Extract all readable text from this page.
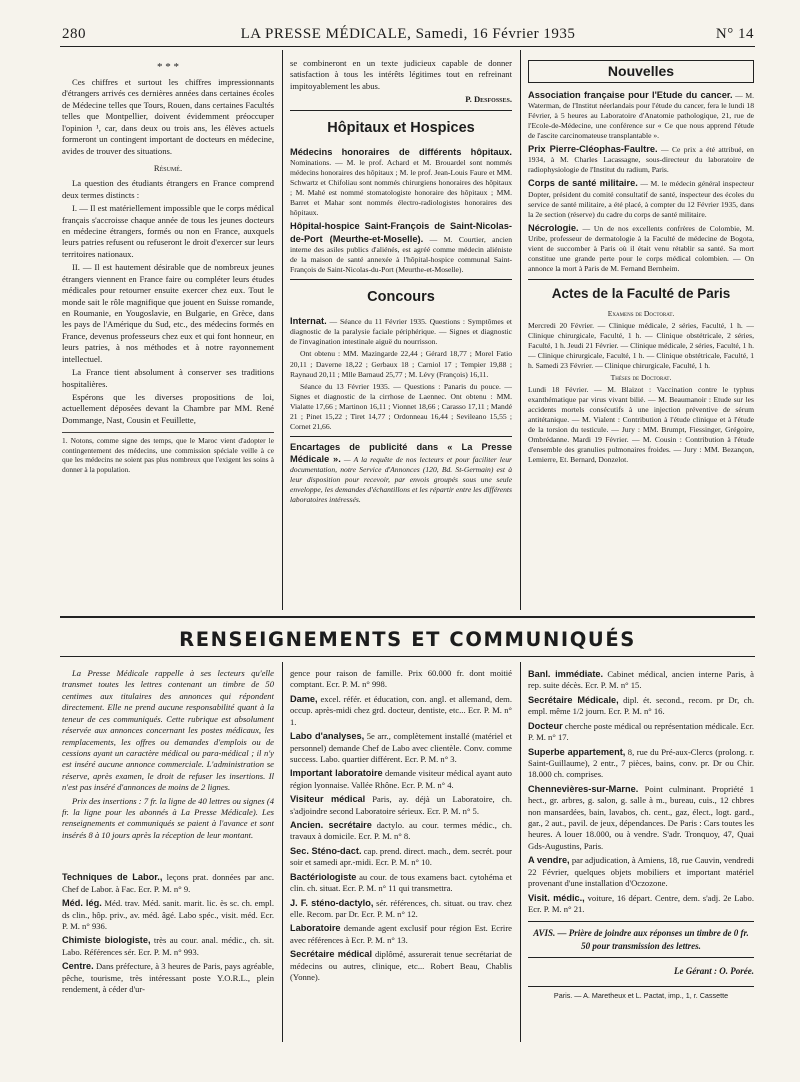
280	LA PRESSE MÉDICALE, Samedi, 16 Février 1935	N° 14
* * *

Ces chiffres et surtout les chiffres impressionnants d'étrangers arrivés ces dernières années dans certaines écoles de Médecine telles que Tours, Rouen, dans certaines Facultés telles que Montpellier, doivent évidemment préoccuper l'opinion ¹, car, dans deux ou trois ans, les élèves actuels formeront un contingent important de docteurs en médecine, avides de trouver des situations.

Résumé.

La question des étudiants étrangers en France comprend deux termes distincts :

I. — Il est matériellement impossible que le corps médical français s'accroisse chaque année de tous les jeunes docteurs en médecine étrangers, formés ou non en France, auxquels leurs patries refusent ou refuseront le droit d'exercer sur leurs territoires nationaux.

II. — Il est hautement désirable que de nombreux jeunes étrangers viennent en France faire ou compléter leurs études médicales pour retourner ensuite exercer chez eux. Tout le monde sait le rôle magnifique que jouent en Suisse romande, en Roumanie, en Yougoslavie, en Bulgarie, en Grèce, dans les pays de l'Amérique du Sud, etc., des médecins formés en France, devenus professeurs chez eux et qui font honneur, en leurs patries, à nos méthodes et à notre rayonnement intellectuel.

La France tient absolument à conserver ses traditions hospitalières.

Espérons que les diverses propositions de loi, actuellement déposées devant la Chambre par MM. René Dommange, Nast, Cousin et Feuillette,

1. Notons, comme signe des temps, que le Maroc vient d'adopter le contingentement des médecins, une commission spéciale veille à ce que les médecins ne soient pas plus nombreux que l'exigent les soins à donner à la population.

se combineront en un texte judicieux capable de donner satisfaction à tous les intérêts légitimes tout en refreinant impitoyablement les abus.

P. Desfosses.
Hôpitaux et Hospices

Médecins honoraires de différents hôpitaux. Nominations. — M. le prof. Achard et M. Brouardel sont nommés médecins honoraires des hôpitaux ; M. le prof. Jean-Louis Faure et MM. Schwartz et Chifoliau sont nommés chirurgiens honoraires des hôpitaux ; M. Mahé est nommé stomatologiste honoraire des hôpitaux ; MM. Barret et Mahar sont nommés électro-radiologistes honoraires des hôpitaux.

Hôpital-hospice Saint-François de Saint-Nicolas-de-Port (Meurthe-et-Moselle). — M. Courtier, ancien interne des asiles publics d'aliénés, est agréé comme médecin aliéniste de la maison de santé annexée à l'hôpital-hospice communal Saint-François de Saint-Nicolas-du-Port (Meurthe-et-Moselle).

Concours

Internat. — Séance du 11 Février 1935. Questions : Symptômes et diagnostic de la paralysie faciale périphérique. — Signes et diagnostic de l'invagination intestinale aiguë du nourrisson.

Ont obtenu : MM. Mazingarde 22,44 ; Gérard 18,77 ; Morel Fatio 20,11 ; Daverne 18,22 ; Gerbaux 18 ; Carniol 17 ; Tempier 19,88 ; Raynaud 20,11 ; Mlle Barnaud 25,77 ; M. Lévy (François) 16,11.

Séance du 13 Février 1935. — Questions : Panaris du pouce. — Signes et diagnostic de la cirrhose de Laennec. Ont obtenu : MM. Vialatte 17,66 ; Martinon 16,11 ; Vionnet 18,66 ; Carasso 17,11 ; Mandé 21 ; Pinet 15,22 ; Tiret 14,77 ; Ordonneau 16,44 ; Sevileano 15,55 ; Cornet 21,66.

Encartages de publicité dans « La Presse Médicale ». — A la requête de nos lecteurs et pour faciliter leur documentation, notre Service d'Annonces (120, Bd. St-Germain) est à leur disposition pour recevoir, par envois groupés sous une seule enveloppe, les demandes d'échantillons et les répartir entre les différents laboratoires intéressés.

Nouvelles

Association française pour l'Etude du cancer. — M. Waterman, de l'Institut néerlandais pour l'étude du cancer, fera le lundi 18 Février, à 5 heures au Laboratoire d'Anatomie pathologique, 21, rue de l'Ecole-de-Médecine, une conférence sur « Ce que nous apprend l'étude de l'ascite carcinomateuse transplantable ».

Prix Pierre-Cléophas-Faultre. — Ce prix a été attribué, en 1934, à M. Charles Lacassagne, sous-directeur du laboratoire de radiophysiologie de l'Institut du radium, Paris.

Corps de santé militaire. — M. le médecin général inspecteur Dopter, président du comité consultatif de santé, inspecteur des écoles du service de santé militaire, a été placé, à compter du 12 Février 1935, dans la 2e section (réserve) du cadre du corps de santé militaire.

Nécrologie. — Un de nos excellents confrères de Colombie, M. Uribe, professeur de dermatologie à la Faculté de médecine de Bogota, vient de succomber à Paris où il était venu rétablir sa santé. Sa mort constitue une grande perte pour le corps médical colombien. — On annonce la mort à Paris de M. Fernand Bernheim.

Actes de la Faculté de Paris
Examens de Doctorat.

Mercredi 20 Février. — Clinique médicale, 2 séries, Faculté, 1 h. — Clinique chirurgicale, Faculté, 1 h. — Clinique obstétricale, 2 séries, Faculté, 1 h. Jeudi 21 Février. — Clinique médicale, 2 séries, Faculté, 1 h. — Clinique chirurgicale, Faculté, 1 h. — Clinique obstétricale, Faculté, 1 h. Samedi 23 Février. — Clinique chirurgicale, Faculté, 1 h.

Thèses de Doctorat.

Lundi 18 Février. — M. Blaizot : Vaccination contre le typhus exanthématique par virus vivant bilié. — M. Beaumanoir : Etude sur les accidents mortels consécutifs à une injection préventive de sérum antitétanique. — M. Vialent : Contribution à l'étude clinique et à l'étude de la torsion du testicule. — Jury : MM. Brumpt, Fiessinger, Grégoire, Ombrédanne. Mardi 19 Février. — M. Cousin : Contribution à l'étude d'ensemble des granulies pulmonaires froides. — Jury : MM. Bezançon, Lemierre, Et. Bernard, Donzelot.

RENSEIGNEMENTS ET COMMUNIQUÉS

La Presse Médicale rappelle à ses lecteurs qu'elle transmet toutes les lettres contenant un timbre de 50 centimes aux titulaires des annonces qui répondent directement. Elle ne prend aucune responsabilité quant à la teneur de ces communiqués. Cette rubrique est absolument réservée aux annonces concernant les postes médicaux, les remplacements, les offres ou demandes d'emplois ou de cessions ayant un caractère médical ou para-médical ; il n'y est inséré aucune annonce commerciale. L'administration se réserve, après examen, le droit de refuser les insertions. Il n'est pas inséré d'annonces de moins de 2 lignes.

Prix des insertions : 7 fr. la ligne de 40 lettres ou signes (4 fr. la ligne pour les abonnés à La Presse Médicale). Les renseignements et communiqués se paient à l'avance et sont insérés 8 à 10 jours après la réception de leur montant.

Techniques de Labor., leçons prat. données par anc. Chef de Labor. à Fac. Ecr. P. M. n° 9.

Méd. lég. Méd. trav. Méd. sanit. marit. lic. ès sc. ch. empl. ds clin., hôp. priv., av. méd. âgé. Labo spéc., visit. méd. Ecr. P. M. n° 936.

Chimiste biologiste, très au cour. anal. médic., ch. sit. Labo. Références sér. Ecr. P. M. n° 993.

Centre. Dans préfecture, à 3 heures de Paris, pays agréable, pêche, tourisme, très intéressant poste Y.O.R.L., plein rendement, à céder d'ur-

gence pour raison de famille. Prix 60.000 fr. dont moitié comptant. Ecr. P. M. n° 998.

Dame, excel. référ. et éducation, con. angl. et allemand, dem. occup. après-midi chez grd. docteur, dentiste, etc... Ecr. P. M. n° 1.

Labo d'analyses, 5e arr., complètement installé (matériel et personnel) demande Chef de Labo avec clientèle. Conv. comme success. Labo. quartier différent. Ecr. P. M. n° 3.

Important laboratoire demande visiteur médical ayant auto région lyonnaise. Vallée Rhône. Ecr. P. M. n° 4.

Visiteur médical Paris, ay. déjà un Laboratoire, ch. s'adjoindre second Laboratoire sérieux. Ecr. P. M. n° 5.

Ancien. secrétaire dactylo. au cour. termes médic., ch. travaux à domicile. Ecr. P. M. n° 8.

Sec. Sténo-dact. cap. prend. direct. mach., dem. secrét. pour soir et samedi apr.-midi. Ecr. P. M. n° 10.

Bactériologiste au cour. de tous examens bact. cytohéma et clin. ch. situat. Ecr. P. M. n° 11 qui transmettra.

J. F. sténo-dactylo, sér. références, ch. situat. ou trav. chez elle. Recom. par Dr. Ecr. P. M. n° 12.

Laboratoire demande agent exclusif pour région Est. Ecrire avec références à Ecr. P. M. n° 13.

Secrétaire médical diplômé, assurerait tenue secrétariat de médecins ou autres, clinique, etc... Robert Beau, Chablis (Yonne).

Banl. immédiate. Cabinet médical, ancien interne Paris, à rep. suite décès. Ecr. P. M. n° 15.

Secrétaire Médicale, dipl. ét. second., recom. pr Dr, ch. empl. même 1/2 journ. Ecr. P. M. n° 16.

Docteur cherche poste médical ou représentation médicale. Ecr. P. M. n° 17.

Superbe appartement, 8, rue du Pré-aux-Clercs (prolong. r. Saint-Guillaume), 2 entr., 7 pièces, bains, conv. pr. Dr ou Chir. 18.000 ch. comprises.

Chennevières-sur-Marne. Point culminant. Propriété 1 hect., gr. arbres, g. salon, g. salle à m., bureau, cuis., 12 chbres non mansardées, bain, lavabos, ch. cent., gaz, élect., logt. gard., gar., 2 aut., pavil. de jeux, dépendances. De Paris : Cars toutes les heures. A louer 18.000, ou à vendre. S'adr. Tronquoy, 47, Quai Gds-Augustins, Paris.

A vendre, par adjudication, à Amiens, 18, rue Cauvin, vendredi 22 Février, quelques objets mobiliers et important matériel provenant d'une installation d'Oczozone.

Visit. médic., voiture, 16 départ. Centre, dem. s'adj. 2e Labo. Ecr. P. M. n° 21.

AVIS. — Prière de joindre aux réponses un timbre de 0 fr. 50 pour transmission des lettres.
Le Gérant : O. Porée.
Paris. — A. Maretheux et L. Pactat, imp., 1, r. Cassette
